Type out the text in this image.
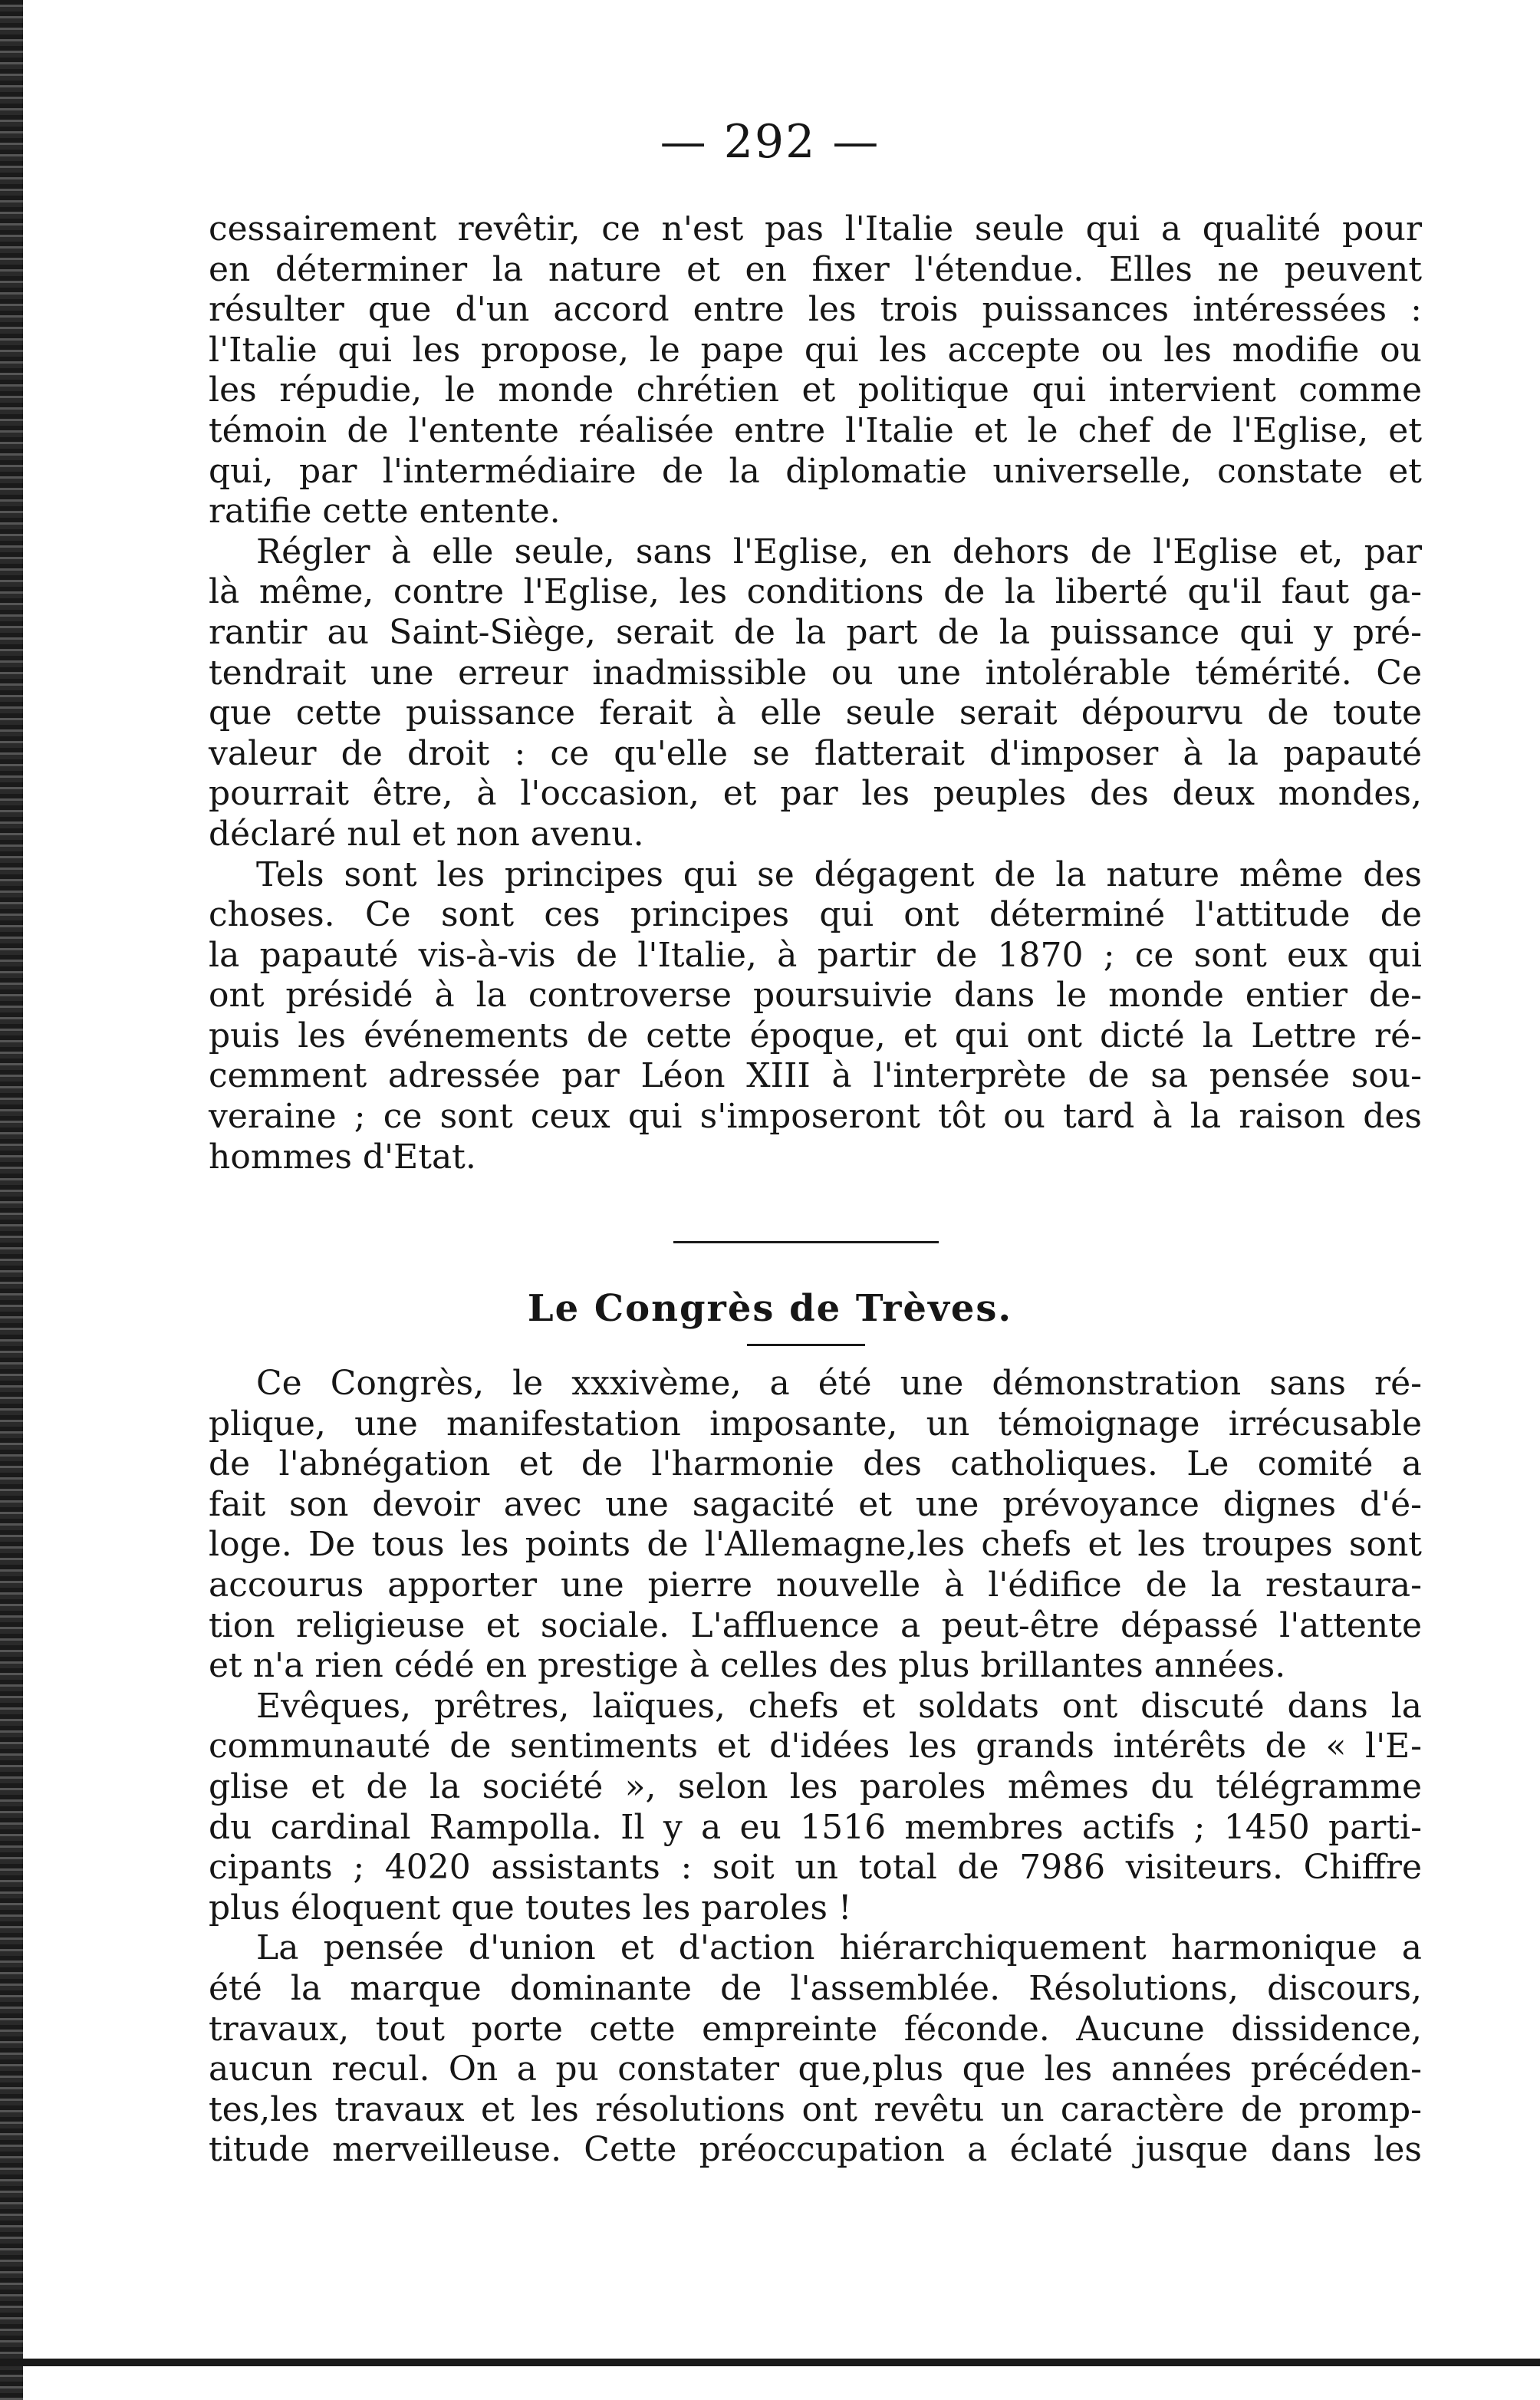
— 292 —
cessairement revêtir, ce n'est pas l'Italie seule qui a qualité pour
en déterminer la nature et en fixer l'étendue. Elles ne peuvent
résulter que d'un accord entre les trois puissances intéressées :
l'Italie qui les propose, le pape qui les accepte ou les modifie ou
les répudie, le monde chrétien et politique qui intervient comme
témoin de l'entente réalisée entre l'Italie et le chef de l'Eglise, et
qui, par l'intermédiaire de la diplomatie universelle, constate et
ratifie cette entente.
Régler à elle seule, sans l'Eglise, en dehors de l'Eglise et, par
là même, contre l'Eglise, les conditions de la liberté qu'il faut ga-
rantir au Saint-Siège, serait de la part de la puissance qui y pré-
tendrait une erreur inadmissible ou une intolérable témérité. Ce
que cette puissance ferait à elle seule serait dépourvu de toute
valeur de droit : ce qu'elle se flatterait d'imposer à la papauté
pourrait être, à l'occasion, et par les peuples des deux mondes,
déclaré nul et non avenu.
Tels sont les principes qui se dégagent de la nature même des
choses. Ce sont ces principes qui ont déterminé l'attitude de
la papauté vis-à-vis de l'Italie, à partir de 1870 ; ce sont eux qui
ont présidé à la controverse poursuivie dans le monde entier de-
puis les événements de cette époque, et qui ont dicté la Lettre ré-
cemment adressée par Léon XIII à l'interprète de sa pensée sou-
veraine ; ce sont ceux qui s'imposeront tôt ou tard à la raison des
hommes d'Etat.
Le Congrès de Trèves.
Ce Congrès, le xxxivème, a été une démonstration sans ré-
plique, une manifestation imposante, un témoignage irrécusable
de l'abnégation et de l'harmonie des catholiques. Le comité a
fait son devoir avec une sagacité et une prévoyance dignes d'é-
loge. De tous les points de l'Allemagne,les chefs et les troupes sont
accourus apporter une pierre nouvelle à l'édifice de la restaura-
tion religieuse et sociale. L'affluence a peut-être dépassé l'attente
et n'a rien cédé en prestige à celles des plus brillantes années.
Evêques, prêtres, laïques, chefs et soldats ont discuté dans la
communauté de sentiments et d'idées les grands intérêts de « l'E-
glise et de la société », selon les paroles mêmes du télégramme
du cardinal Rampolla. Il y a eu 1516 membres actifs ; 1450 parti-
cipants ; 4020 assistants : soit un total de 7986 visiteurs. Chiffre
plus éloquent que toutes les paroles !
La pensée d'union et d'action hiérarchiquement harmonique a
été la marque dominante de l'assemblée. Résolutions, discours,
travaux, tout porte cette empreinte féconde. Aucune dissidence,
aucun recul. On a pu constater que,plus que les années précéden-
tes,les travaux et les résolutions ont revêtu un caractère de promp-
titude merveilleuse. Cette préoccupation a éclaté jusque dans les
